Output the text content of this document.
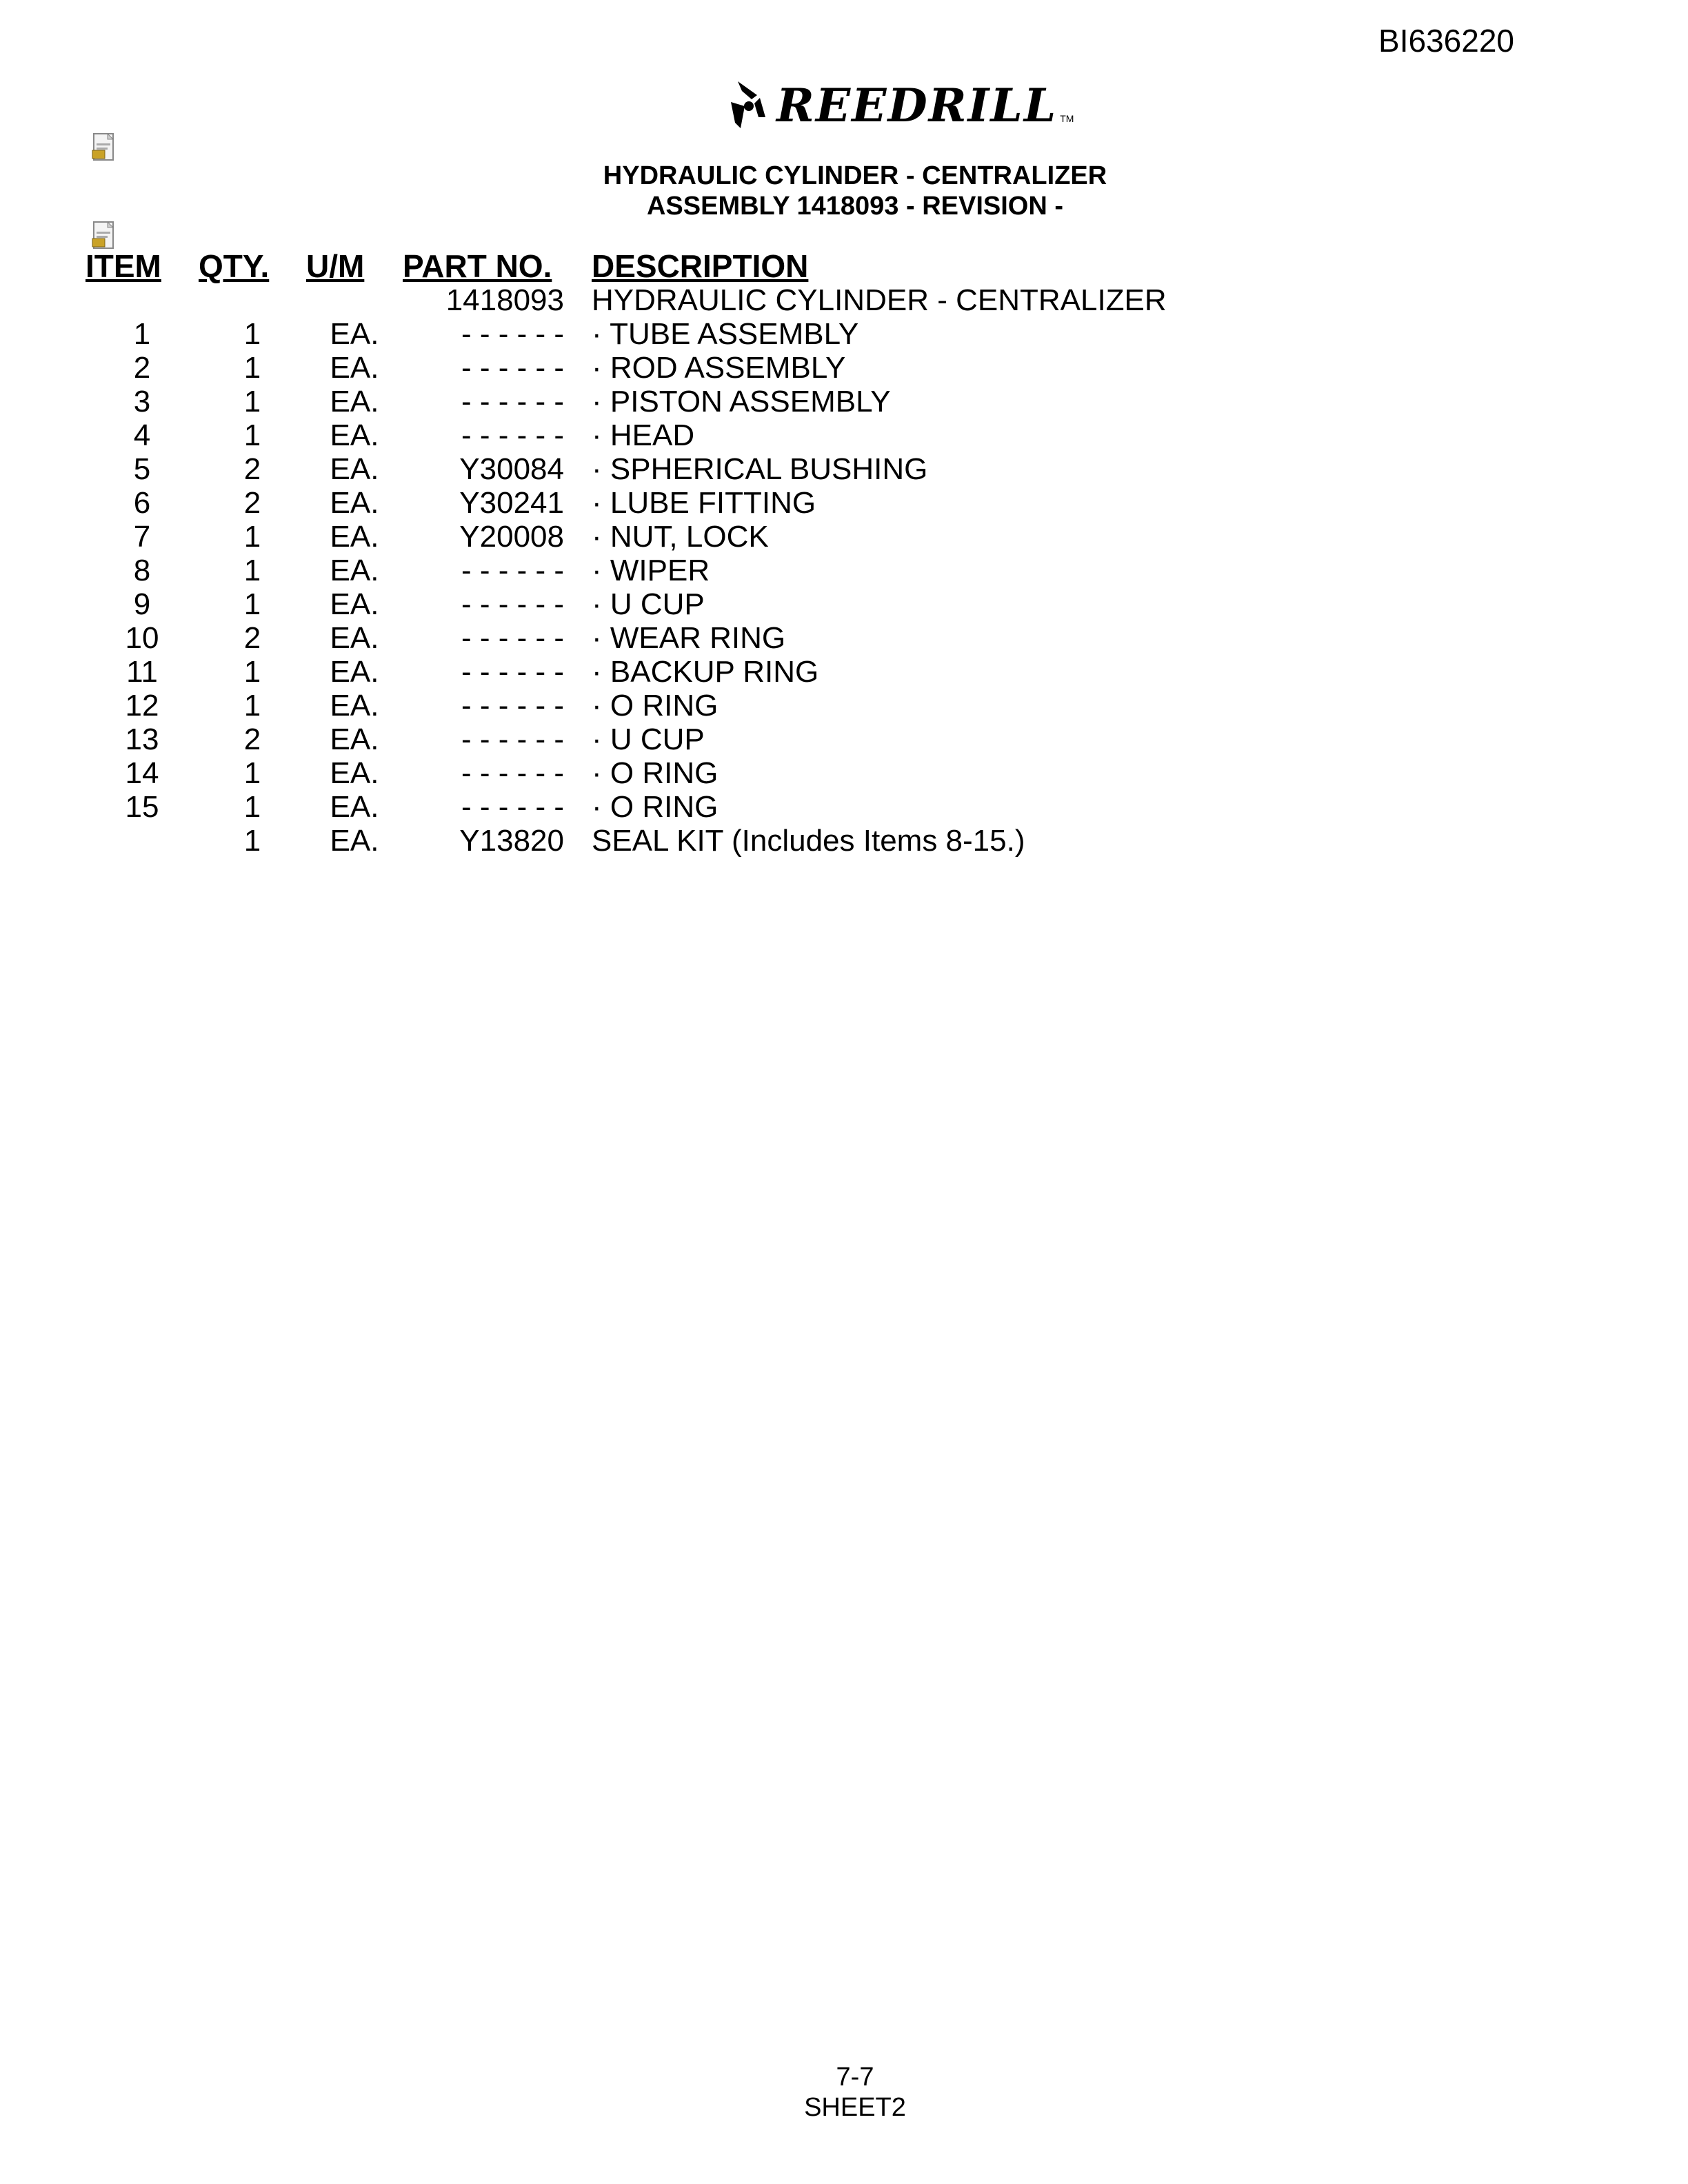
BI636220
REEDRILL TM
HYDRAULIC CYLINDER - CENTRALIZER
ASSEMBLY 1418093 - REVISION -
ITEM	QTY.	U/M	PART NO.	DESCRIPTION
			1418093	HYDRAULIC CYLINDER - CENTRALIZER
1	1	EA.	- - - - - -	· TUBE ASSEMBLY
2	1	EA.	- - - - - -	· ROD ASSEMBLY
3	1	EA.	- - - - - -	· PISTON ASSEMBLY
4	1	EA.	- - - - - -	· HEAD
5	2	EA.	Y30084	· SPHERICAL BUSHING
6	2	EA.	Y30241	· LUBE FITTING
7	1	EA.	Y20008	· NUT, LOCK
8	1	EA.	- - - - - -	· WIPER
9	1	EA.	- - - - - -	· U CUP
10	2	EA.	- - - - - -	· WEAR RING
11	1	EA.	- - - - - -	· BACKUP RING
12	1	EA.	- - - - - -	· O RING
13	2	EA.	- - - - - -	· U CUP
14	1	EA.	- - - - - -	· O RING
15	1	EA.	- - - - - -	· O RING
	1	EA.	Y13820	SEAL KIT (Includes Items 8-15.)
7-7
SHEET2
